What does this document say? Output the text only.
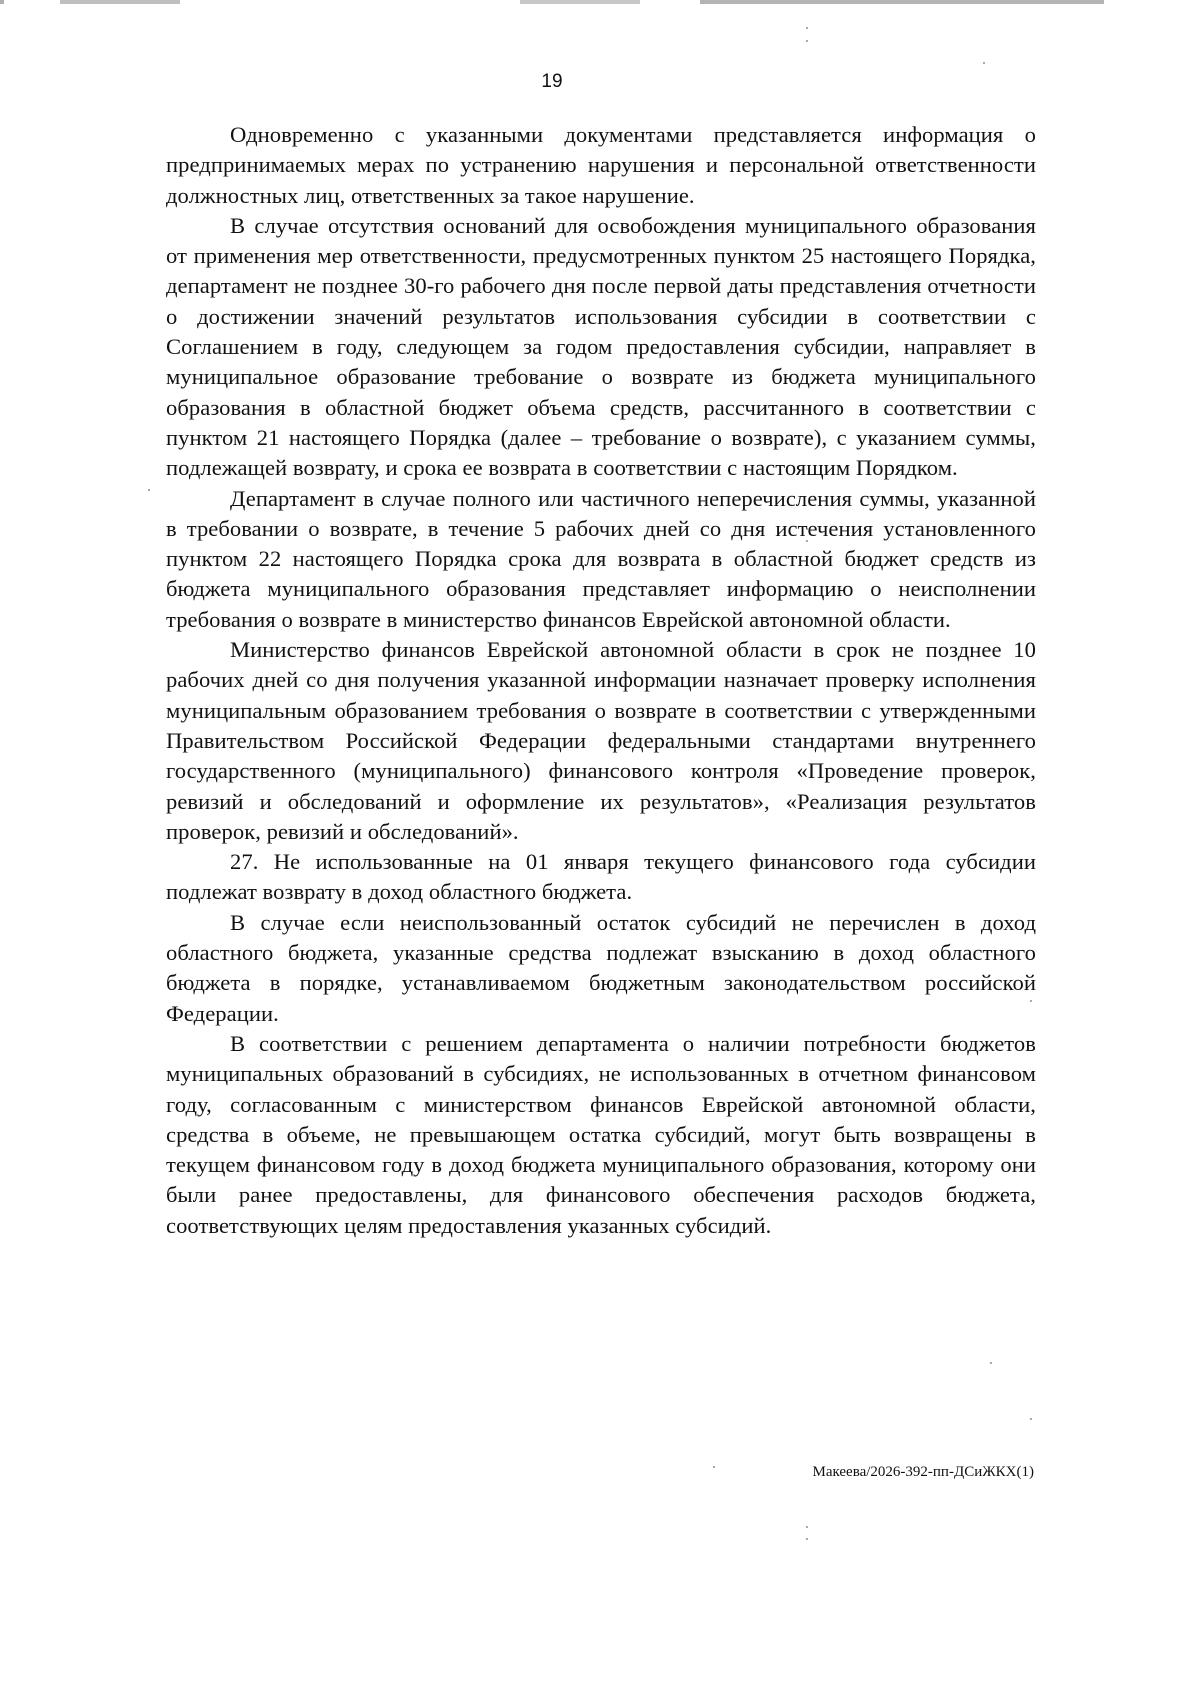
19

Одновременно с указанными документами представляется информация о предпринимаемых мерах по устранению нарушения и персональной ответственности должностных лиц, ответственных за такое нарушение.

В случае отсутствия оснований для освобождения муниципального образования от применения мер ответственности, предусмотренных пунктом 25 настоящего Порядка, департамент не позднее 30-го рабочего дня после первой даты представления отчетности о достижении значений результатов использования субсидии в соответствии с Соглашением в году, следующем за годом предоставления субсидии, направляет в муниципальное образование требование о возврате из бюджета муниципального образования в областной бюджет объема средств, рассчитанного в соответствии с пунктом 21 настоящего Порядка (далее – требование о возврате), с указанием суммы, подлежащей возврату, и срока ее возврата в соответствии с настоящим Порядком.

Департамент в случае полного или частичного неперечисления суммы, указанной в требовании о возврате, в течение 5 рабочих дней со дня истечения установленного пунктом 22 настоящего Порядка срока для возврата в областной бюджет средств из бюджета муниципального образования представляет информацию о неисполнении требования о возврате в министерство финансов Еврейской автономной области.

Министерство финансов Еврейской автономной области в срок не позднее 10 рабочих дней со дня получения указанной информации назначает проверку исполнения муниципальным образованием требования о возврате в соответствии с утвержденными Правительством Российской Федерации федеральными стандартами внутреннего государственного (муниципального) финансового контроля «Проведение проверок, ревизий и обследований и оформление их результатов», «Реализация результатов проверок, ревизий и обследований».

27. Не использованные на 01 января текущего финансового года субсидии подлежат возврату в доход областного бюджета.

В случае если неиспользованный остаток субсидий не перечислен в доход областного бюджета, указанные средства подлежат взысканию в доход областного бюджета в порядке, устанавливаемом бюджетным законодательством российской Федерации.

В соответствии с решением департамента о наличии потребности бюджетов муниципальных образований в субсидиях, не использованных в отчетном финансовом году, согласованным с министерством финансов Еврейской автономной области, средства в объеме, не превышающем остатка субсидий, могут быть возвращены в текущем финансовом году в доход бюджета муниципального образования, которому они были ранее предоставлены, для финансового обеспечения расходов бюджета, соответствующих целям предоставления указанных субсидий.

Макеева/2026-392-пп-ДСиЖКХ(1)
